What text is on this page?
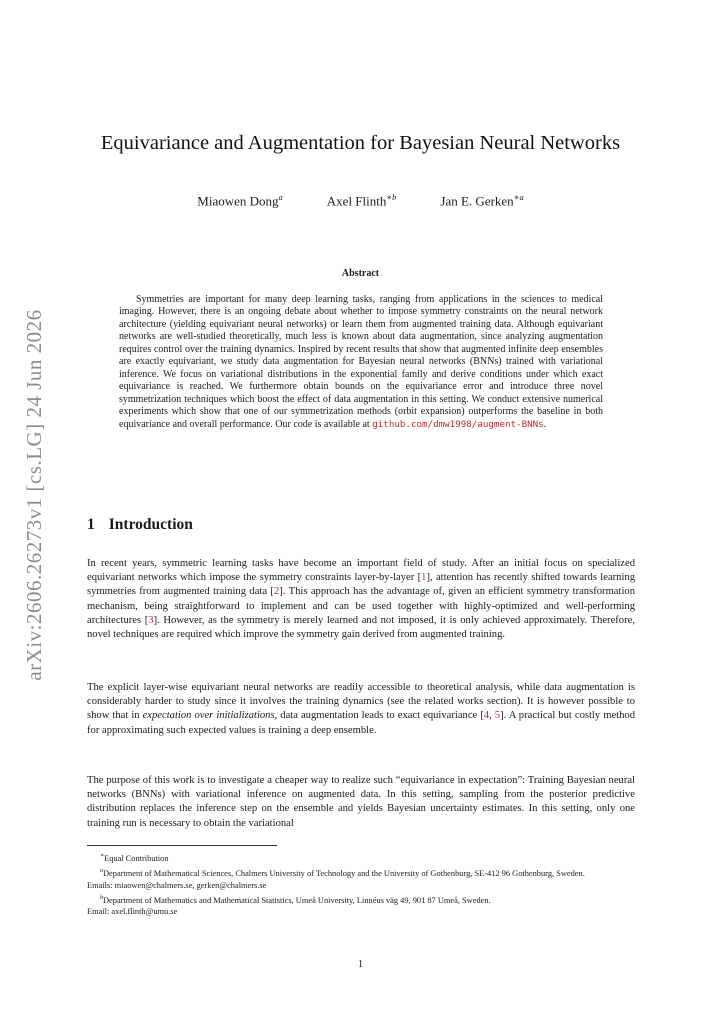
arXiv:2606.26273v1 [cs.LG] 24 Jun 2026
Equivariance and Augmentation for Bayesian Neural Networks
Miaowen Dong$^a$	Axel Flinth$^{∗b}$	Jan E. Gerken$^{∗a}$
Abstract

Symmetries are important for many deep learning tasks, ranging from applications in the sciences to medical imaging. However, there is an ongoing debate about whether to impose symmetry constraints on the neural network architecture (yielding equivariant neural networks) or learn them from augmented training data. Although equivariant networks are well-studied theoretically, much less is known about data augmentation, since analyzing augmentation requires control over the training dynamics. Inspired by recent results that show that augmented infinite deep ensembles are exactly equivariant, we study data augmentation for Bayesian neural networks (BNNs) trained with variational inference. We focus on variational distributions in the exponential family and derive conditions under which exact equivariance is reached. We furthermore obtain bounds on the equivariance error and introduce three novel symmetrization techniques which boost the effect of data augmentation in this setting. We conduct extensive numerical experiments which show that one of our symmetrization methods (orbit expansion) outperforms the baseline in both equivariance and overall performance. Our code is available at github.com/dmw1998/augment-BNNs.

1 Introduction

In recent years, symmetric learning tasks have become an important field of study. After an initial focus on specialized equivariant networks which impose the symmetry constraints layer-by-layer [1], attention has recently shifted towards learning symmetries from augmented training data [2]. This approach has the advantage of, given an efficient symmetry transformation mechanism, being straightforward to implement and can be used together with highly-optimized and well-performing architectures [3]. However, as the symmetry is merely learned and not imposed, it is only achieved approximately. Therefore, novel techniques are required which improve the symmetry gain derived from augmented training.

The explicit layer-wise equivariant neural networks are readily accessible to theoretical analysis, while data augmentation is considerably harder to study since it involves the training dynamics (see the related works section). It is however possible to show that in expectation over initializations, data augmentation leads to exact equivariance [4, 5]. A practical but costly method for approximating such expected values is training a deep ensemble.

The purpose of this work is to investigate a cheaper way to realize such “equivariance in expectation”: Training Bayesian neural networks (BNNs) with variational inference on augmented data. In this setting, sampling from the posterior predictive distribution replaces the inference step on the ensemble and yields Bayesian uncertainty estimates. In this setting, only one training run is necessary to obtain the variational

∗Equal Contribution

$^a$Department of Mathematical Sciences, Chalmers University of Technology and the University of Gothenburg, SE-412 96 Gothenburg, Sweden.

Emails: miaowen@chalmers.se, gerken@chalmers.se

$^b$Department of Mathematics and Mathematical Statistics, Umeå University, Linnéus väg 49, 901 87 Umeå, Sweden.

Email: axel.flinth@umu.se

1
